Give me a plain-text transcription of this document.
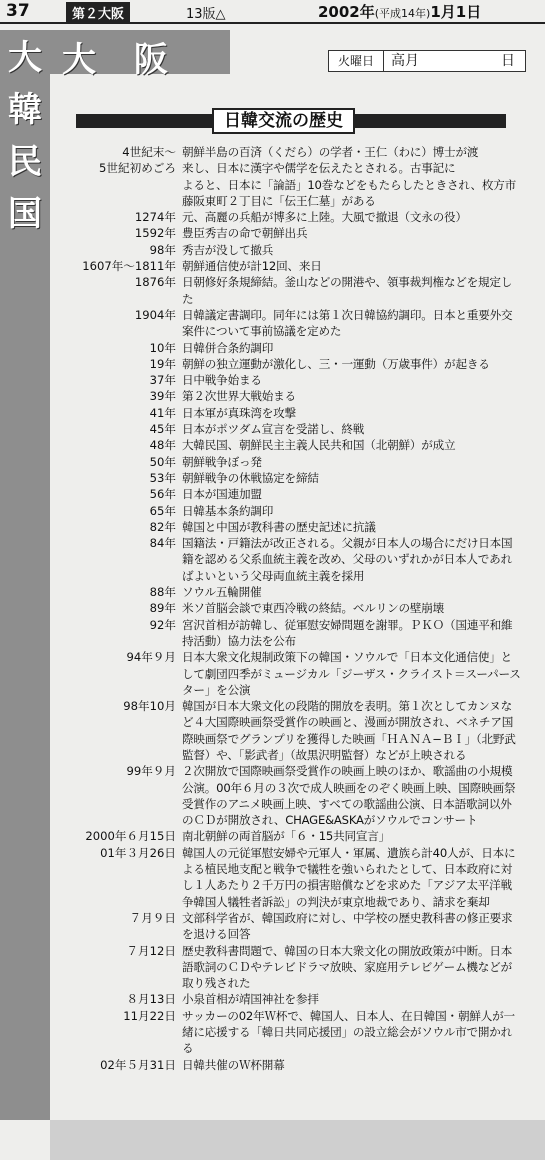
37	第２大阪	13版△	2002年(平成14年)1月1日
大 阪
大
韓
民
国
火曜日	高月	日
日韓交流の歴史
4世紀末〜 朝鮮半島の百済（くだら）の学者・王仁（わに）博士が渡
5世紀初めごろ 来し、日本に漢字や儒学を伝えたとされる。古事記に
よると、日本に「論語」10巻などをもたらしたときされ、枚方市藤阪東町２丁目に「伝王仁墓」がある
1274年 元、高麗の兵船が博多に上陸。大風で撤退（文永の役）
1592年 豊臣秀吉の命で朝鮮出兵
98年 秀吉が没して撤兵
1607年〜1811年 朝鮮通信使が計12回、来日
1876年 日朝修好条規締結。釜山などの開港や、領事裁判権などを規定した
1904年 日韓議定書調印。同年には第１次日韓協約調印。日本と重要外交案件について事前協議を定めた
10年 日韓併合条約調印
19年 朝鮮の独立運動が激化し、三・一運動（万歳事件）が起きる
37年 日中戦争始まる
39年 第２次世界大戦始まる
41年 日本軍が真珠湾を攻撃
45年 日本がポツダム宣言を受諾し、終戦
48年 大韓民国、朝鮮民主主義人民共和国（北朝鮮）が成立
50年 朝鮮戦争ぼっ発
53年 朝鮮戦争の休戦協定を締結
56年 日本が国連加盟
65年 日韓基本条約調印
82年 韓国と中国が教科書の歴史記述に抗議
84年 国籍法・戸籍法が改正される。父親が日本人の場合にだけ日本国籍を認める父系血統主義を改め、父母のいずれかが日本人であればよいという父母両血統主義を採用
88年 ソウル五輪開催
89年 米ソ首脳会談で東西冷戦の終結。ベルリンの壁崩壊
92年 宮沢首相が訪韓し、従軍慰安婦問題を謝罪。ＰＫＯ（国連平和維持活動）協力法を公布
94年９月 日本大衆文化規制政策下の韓国・ソウルで「日本文化通信使」として劇団四季がミュージカル「ジーザス・クライスト＝スーパースター」を公演
98年10月 韓国が日本大衆文化の段階的開放を表明。第１次としてカンヌなど４大国際映画祭受賞作の映画と、漫画が開放され、ベネチア国際映画祭でグランプリを獲得した映画「ＨＡＮＡ−ＢＩ」（北野武監督）や、「影武者」（故黒沢明監督）などが上映される
99年９月 ２次開放で国際映画祭受賞作の映画上映のほか、歌謡曲の小規模公演。00年６月の３次で成人映画をのぞく映画上映、国際映画祭受賞作のアニメ映画上映、すべての歌謡曲公演、日本語歌詞以外のＣＤが開放され、CHAGE&ASKAがソウルでコンサート
2000年６月15日 南北朝鮮の両首脳が「６・15共同宣言」
01年３月26日 韓国人の元従軍慰安婦や元軍人・軍属、遺族ら計40人が、日本による植民地支配と戦争で犠牲を強いられたとして、日本政府に対し１人あたり２千万円の損害賠償などを求めた「アジア太平洋戦争韓国人犠牲者訴訟」の判決が東京地裁であり、請求を棄却
７月９日 文部科学省が、韓国政府に対し、中学校の歴史教科書の修正要求を退ける回答
７月12日 歴史教科書問題で、韓国の日本大衆文化の開放政策が中断。日本語歌詞のＣＤやテレビドラマ放映、家庭用テレビゲーム機などが取り残された
８月13日 小泉首相が靖国神社を参拝
11月22日 サッカーの02年Ｗ杯で、韓国人、日本人、在日韓国・朝鮮人が一緒に応援する「韓日共同応援団」の設立総会がソウル市で開かれる
02年５月31日 日韓共催のＷ杯開幕
